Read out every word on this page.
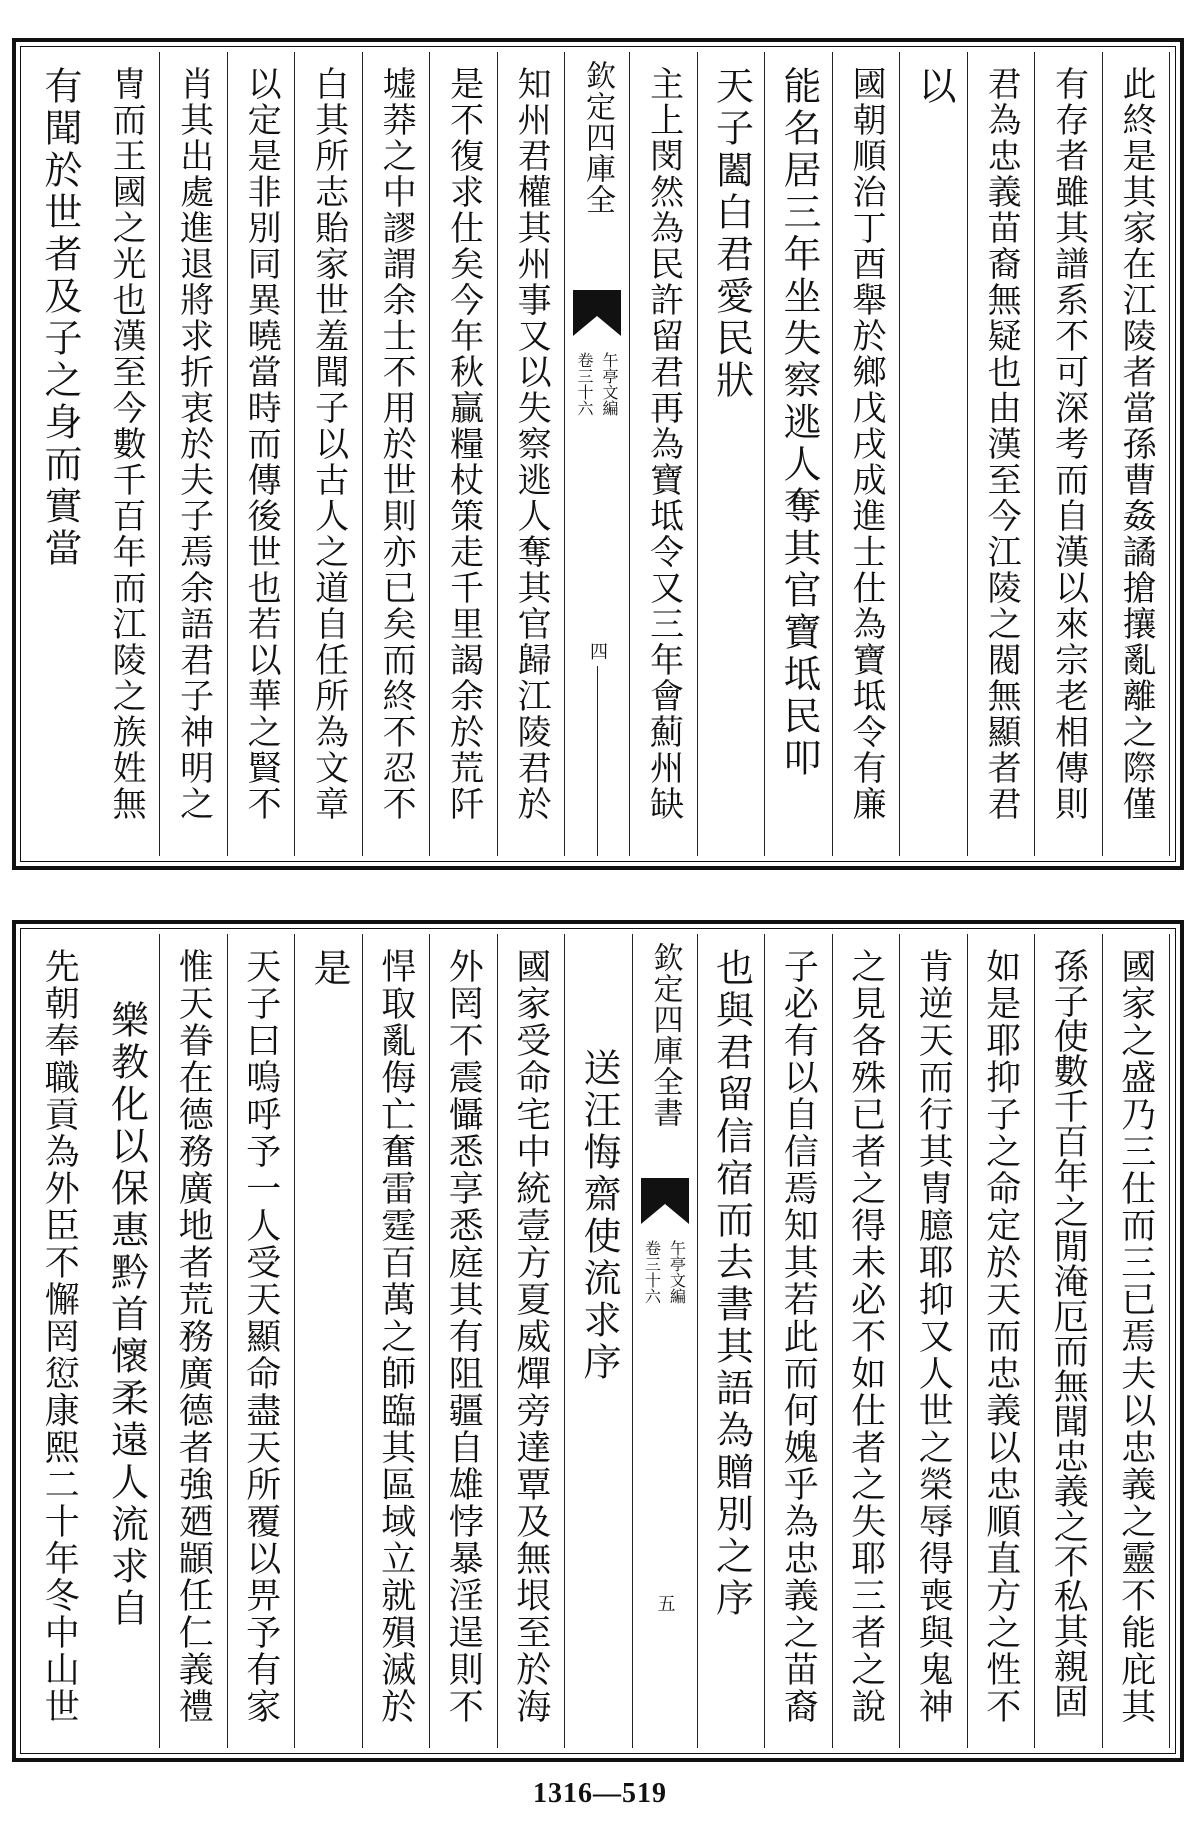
此終是其家在江陵者當孫曹姦譎搶攘亂離之際僅
有存者雖其譜系不可深考而自漢以來宗老相傳則
君為忠義苗裔無疑也由漢至今江陵之閥無顯者君
以
國朝順治丁酉舉於鄉戊戌成進士仕為寶坻令有廉
能名居三年坐失察逃人奪其官寶坻民叩
天子闔白君愛民狀
主上閔然為民許留君再為寶坻令又三年會薊州缺
欽定四庫全
午亭文編
卷三十六
四
知州君權其州事又以失察逃人奪其官歸江陵君於
是不復求仕矣今年秋贏糧杖策走千里謁余於荒阡
墟莽之中謬謂余士不用於世則亦已矣而終不忍不
白其所志貽家世羞聞子以古人之道自任所為文章
以定是非別同異曉當時而傳後世也若以華之賢不
肖其出處進退將求折衷於夫子焉余語君子神明之
冑而王國之光也漢至今數千百年而江陵之族姓無
有聞於世者及子之身而實當
國家之盛乃三仕而三已焉夫以忠義之靈不能庇其
孫子使數千百年之閒淹厄而無聞忠義之不私其親固
如是耶抑子之命定於天而忠義以忠順直方之性不
肯逆天而行其冑臆耶抑又人世之榮辱得喪與鬼神
之見各殊已者之得未必不如仕者之失耶三者之說
子必有以自信焉知其若此而何媿乎為忠義之苗裔
也與君留信宿而去書其語為贈別之序
欽定四庫全書
午亭文編
卷三十六
五
送汪悔齋使流求序
國家受命宅中統壹方夏威燀旁達覃及無垠至於海
外罔不震懾悉享悉庭其有阻疆自雄悖暴淫逞則不
悍取亂侮亡奮雷霆百萬之師臨其區域立就殞滅於
是
天子曰嗚呼予一人受天顯命盡天所覆以畀予有家
惟天眷在德務廣地者荒務廣德者強廼顓任仁義禮
樂教化以保惠黔首懷柔遠人流求自
先朝奉職貢為外臣不懈罔愆康熙二十年冬中山世
1316—519
